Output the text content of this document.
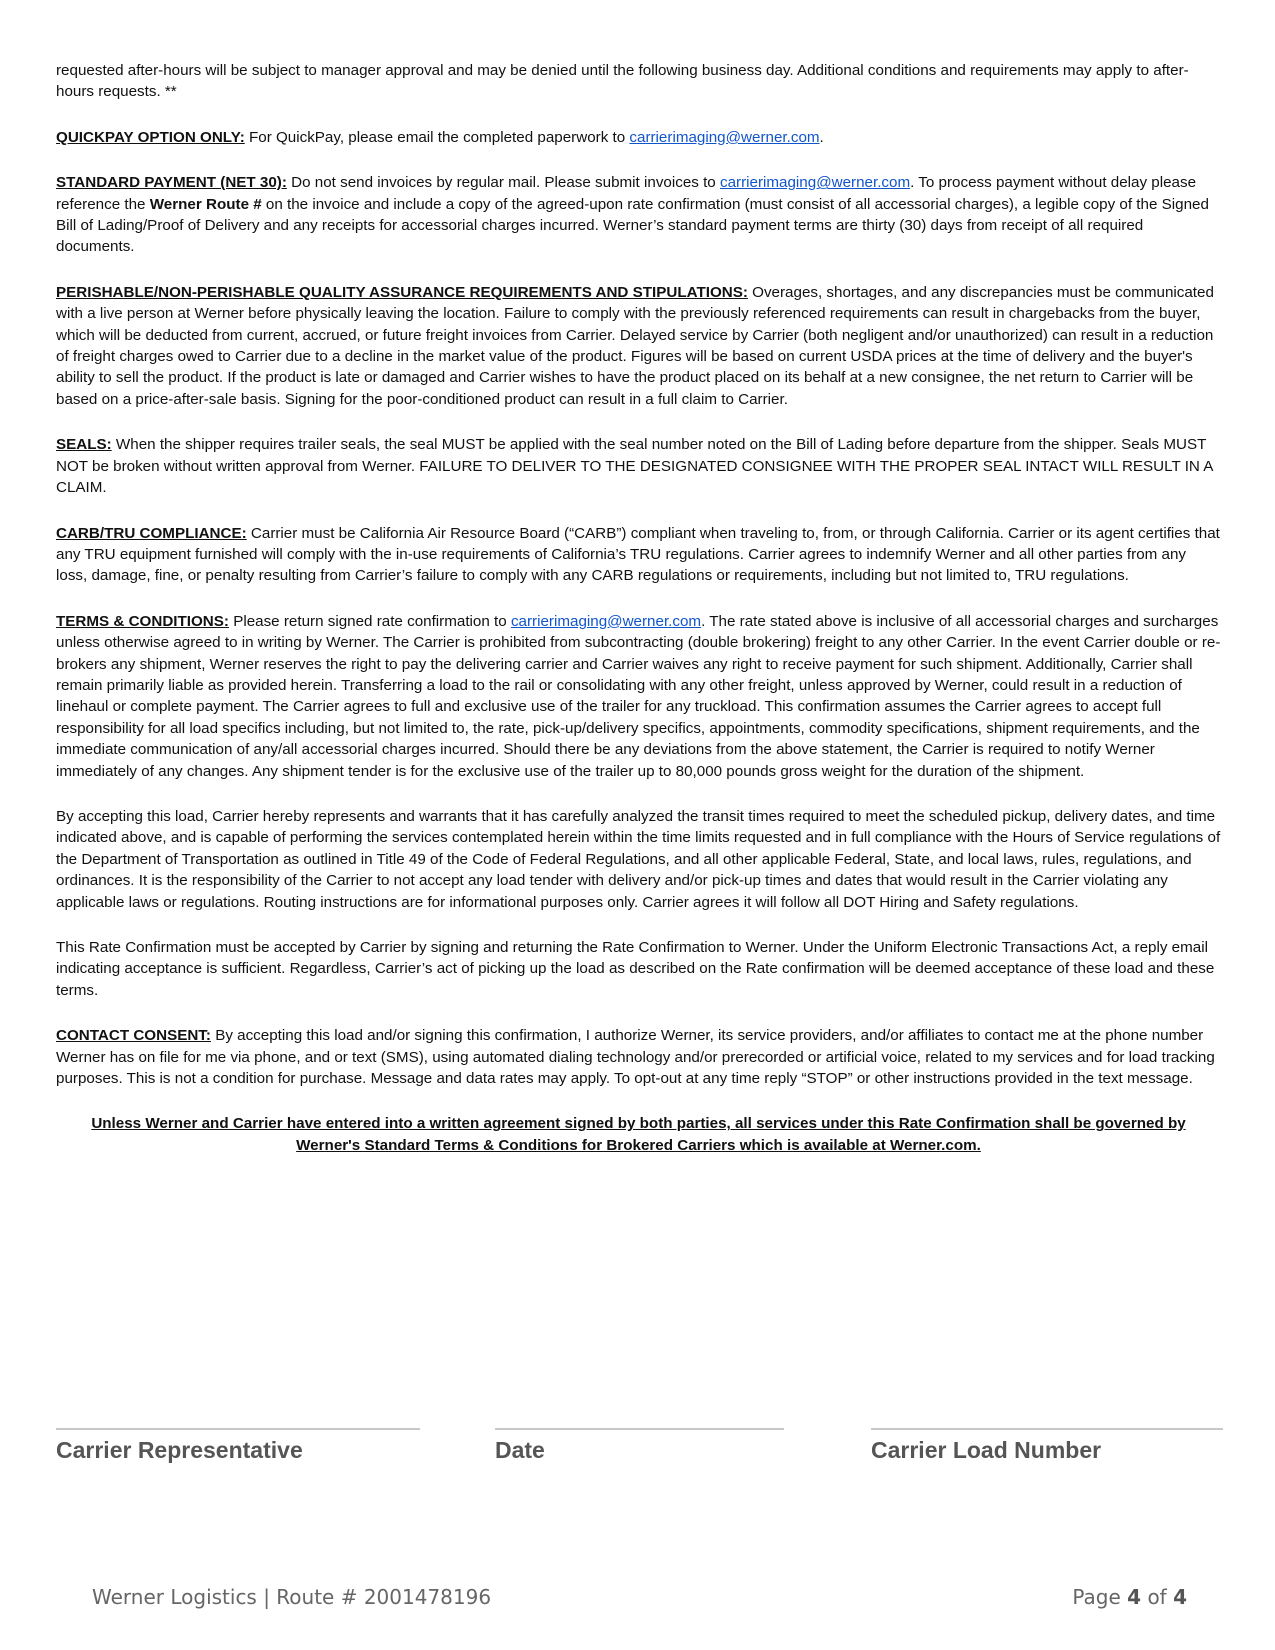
requested after-hours will be subject to manager approval and may be denied until the following business day. Additional conditions and requirements may apply to after-hours requests. **

QUICKPAY OPTION ONLY: For QuickPay, please email the completed paperwork to carrierimaging@werner.com.

STANDARD PAYMENT (NET 30): Do not send invoices by regular mail. Please submit invoices to carrierimaging@werner.com. To process payment without delay please reference the Werner Route # on the invoice and include a copy of the agreed-upon rate confirmation (must consist of all accessorial charges), a legible copy of the Signed Bill of Lading/Proof of Delivery and any receipts for accessorial charges incurred. Werner’s standard payment terms are thirty (30) days from receipt of all required documents.

PERISHABLE/NON-PERISHABLE QUALITY ASSURANCE REQUIREMENTS AND STIPULATIONS: Overages, shortages, and any discrepancies must be communicated with a live person at Werner before physically leaving the location. Failure to comply with the previously referenced requirements can result in chargebacks from the buyer, which will be deducted from current, accrued, or future freight invoices from Carrier. Delayed service by Carrier (both negligent and/or unauthorized) can result in a reduction of freight charges owed to Carrier due to a decline in the market value of the product. Figures will be based on current USDA prices at the time of delivery and the buyer's ability to sell the product. If the product is late or damaged and Carrier wishes to have the product placed on its behalf at a new consignee, the net return to Carrier will be based on a price-after-sale basis. Signing for the poor-conditioned product can result in a full claim to Carrier.

SEALS: When the shipper requires trailer seals, the seal MUST be applied with the seal number noted on the Bill of Lading before departure from the shipper. Seals MUST NOT be broken without written approval from Werner. FAILURE TO DELIVER TO THE DESIGNATED CONSIGNEE WITH THE PROPER SEAL INTACT WILL RESULT IN A CLAIM.

CARB/TRU COMPLIANCE: Carrier must be California Air Resource Board (“CARB”) compliant when traveling to, from, or through California. Carrier or its agent certifies that any TRU equipment furnished will comply with the in-use requirements of California’s TRU regulations. Carrier agrees to indemnify Werner and all other parties from any loss, damage, fine, or penalty resulting from Carrier’s failure to comply with any CARB regulations or requirements, including but not limited to, TRU regulations.

TERMS & CONDITIONS: Please return signed rate confirmation to carrierimaging@werner.com. The rate stated above is inclusive of all accessorial charges and surcharges unless otherwise agreed to in writing by Werner. The Carrier is prohibited from subcontracting (double brokering) freight to any other Carrier. In the event Carrier double or re-brokers any shipment, Werner reserves the right to pay the delivering carrier and Carrier waives any right to receive payment for such shipment. Additionally, Carrier shall remain primarily liable as provided herein. Transferring a load to the rail or consolidating with any other freight, unless approved by Werner, could result in a reduction of linehaul or complete payment. The Carrier agrees to full and exclusive use of the trailer for any truckload. This confirmation assumes the Carrier agrees to accept full responsibility for all load specifics including, but not limited to, the rate, pick-up/delivery specifics, appointments, commodity specifications, shipment requirements, and the immediate communication of any/all accessorial charges incurred. Should there be any deviations from the above statement, the Carrier is required to notify Werner immediately of any changes. Any shipment tender is for the exclusive use of the trailer up to 80,000 pounds gross weight for the duration of the shipment.

By accepting this load, Carrier hereby represents and warrants that it has carefully analyzed the transit times required to meet the scheduled pickup, delivery dates, and time indicated above, and is capable of performing the services contemplated herein within the time limits requested and in full compliance with the Hours of Service regulations of the Department of Transportation as outlined in Title 49 of the Code of Federal Regulations, and all other applicable Federal, State, and local laws, rules, regulations, and ordinances. It is the responsibility of the Carrier to not accept any load tender with delivery and/or pick-up times and dates that would result in the Carrier violating any applicable laws or regulations. Routing instructions are for informational purposes only. Carrier agrees it will follow all DOT Hiring and Safety regulations.

This Rate Confirmation must be accepted by Carrier by signing and returning the Rate Confirmation to Werner. Under the Uniform Electronic Transactions Act, a reply email indicating acceptance is sufficient. Regardless, Carrier’s act of picking up the load as described on the Rate confirmation will be deemed acceptance of these load and these terms.

CONTACT CONSENT: By accepting this load and/or signing this confirmation, I authorize Werner, its service providers, and/or affiliates to contact me at the phone number Werner has on file for me via phone, and or text (SMS), using automated dialing technology and/or prerecorded or artificial voice, related to my services and for load tracking purposes. This is not a condition for purchase. Message and data rates may apply. To opt-out at any time reply “STOP” or other instructions provided in the text message.

Unless Werner and Carrier have entered into a written agreement signed by both parties, all services under this Rate Confirmation shall be governed by Werner's Standard Terms & Conditions for Brokered Carriers which is available at Werner.com.

Carrier Representative	Date	Carrier Load Number
Werner Logistics | Route # 2001478196	Page 4 of 4
